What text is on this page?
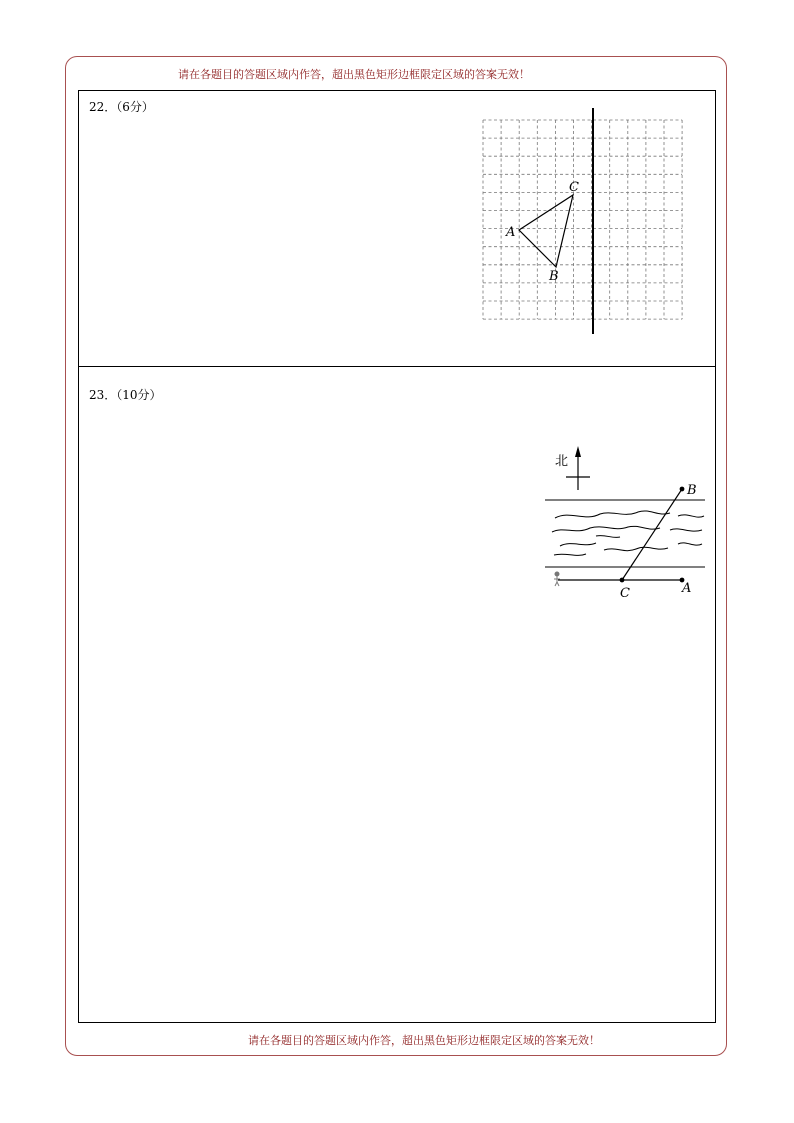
请在各题目的答题区域内作答，超出黑色矩形边框限定区域的答案无效！
22．（6分）
23．（10分）
A
B
C
北
A
B
C
请在各题目的答题区域内作答，超出黑色矩形边框限定区域的答案无效！
